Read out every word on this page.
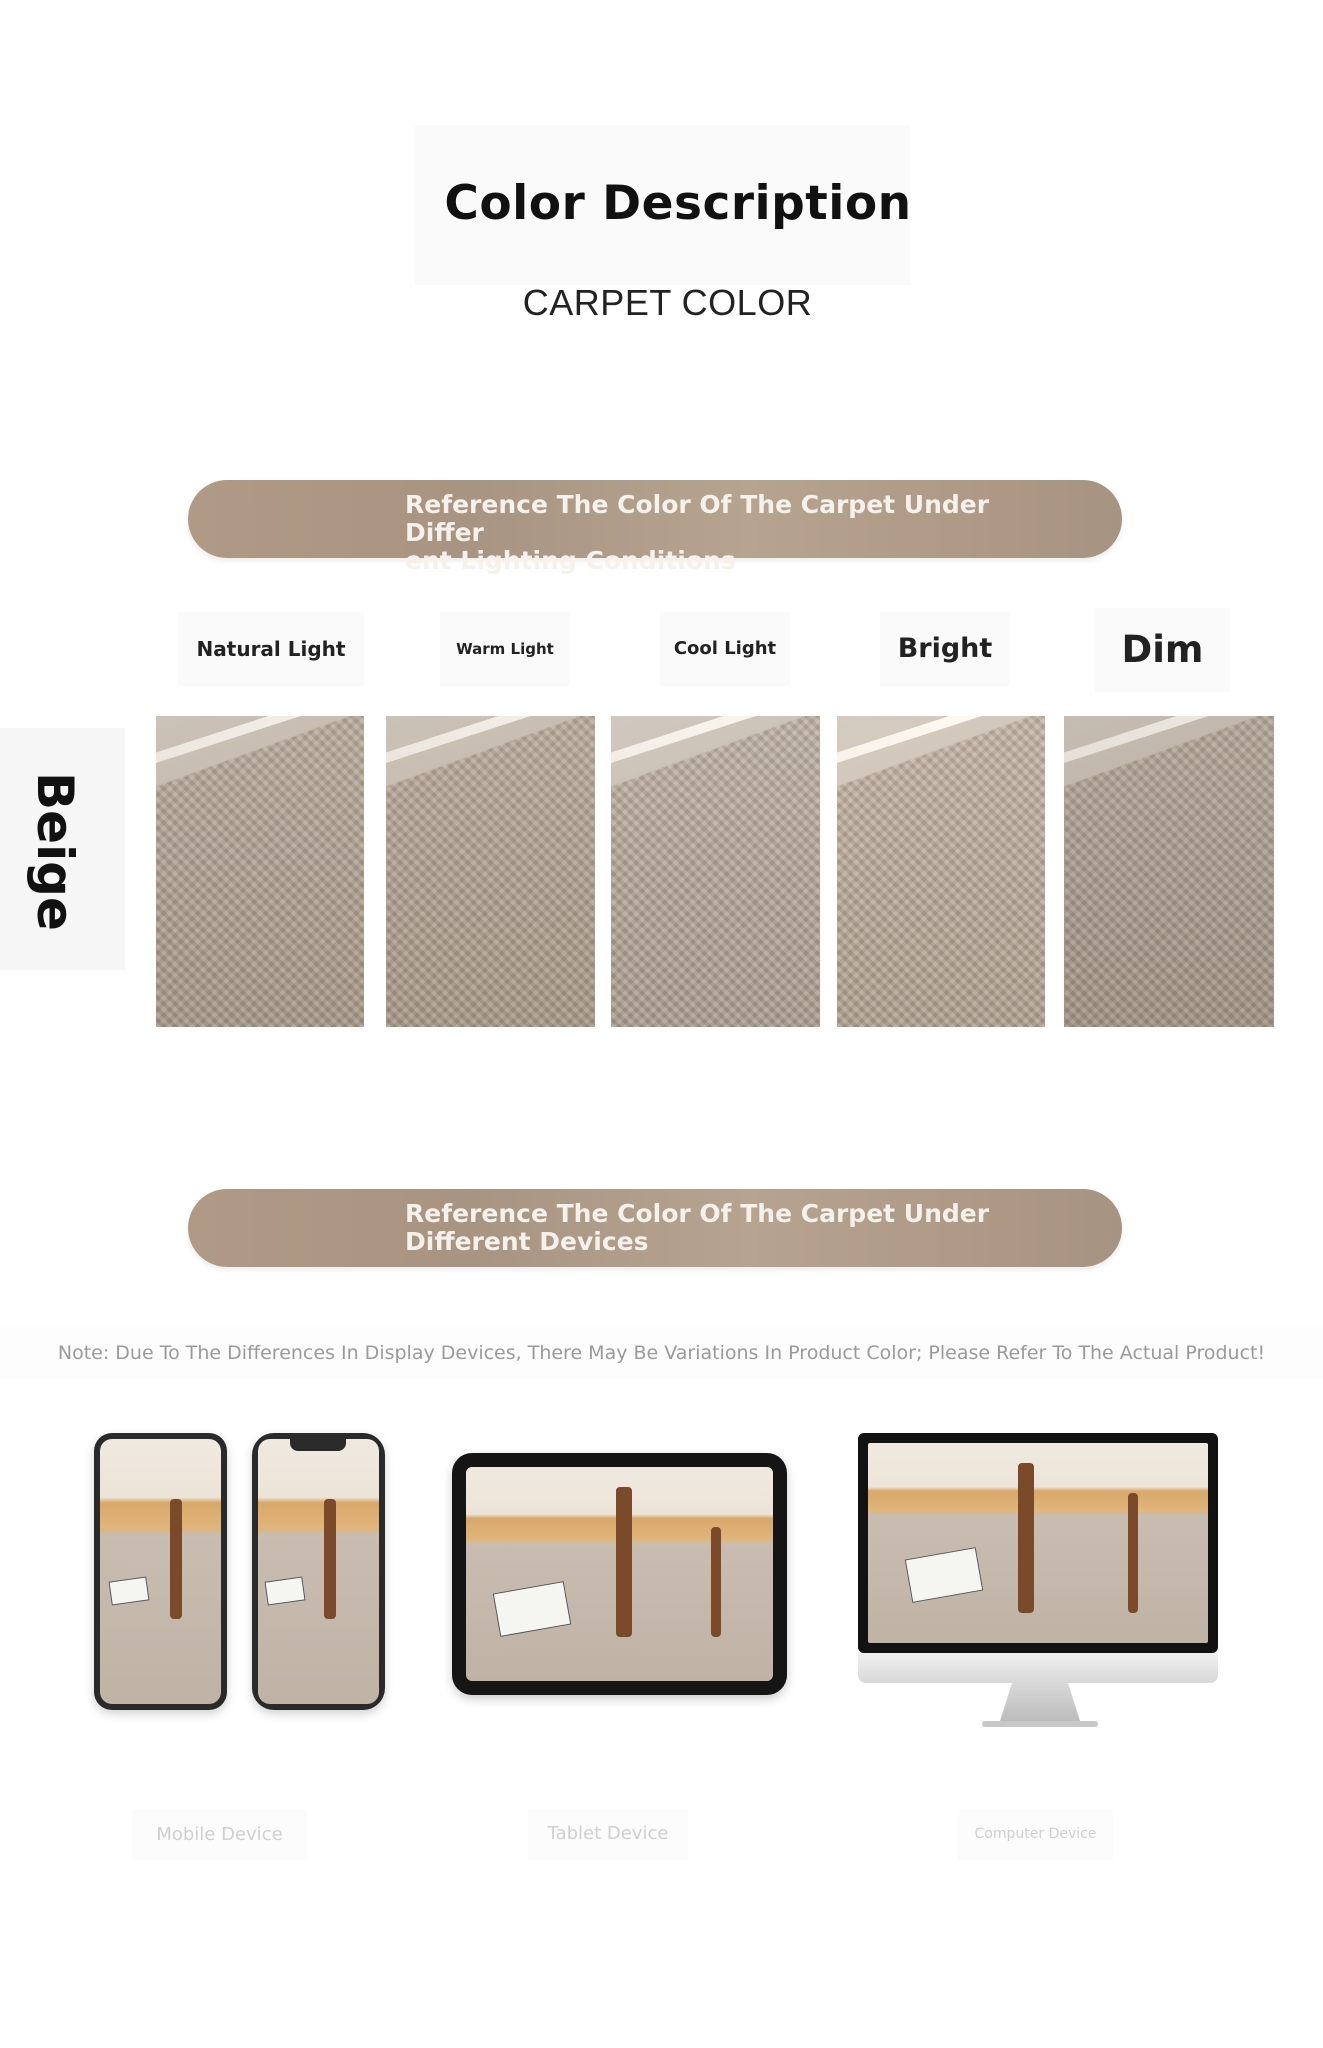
Color Description
CARPET COLOR
Reference The Color Of The Carpet Under Differ
ent Lighting Conditions
Natural Light	Warm Light	Cool Light	Bright	Dim
Beige
Reference The Color Of The Carpet Under
Different Devices
Note: Due To The Differences In Display Devices, There May Be Variations In Product Color; Please Refer To The Actual Product!
Mobile Device	Tablet Device	Computer Device
